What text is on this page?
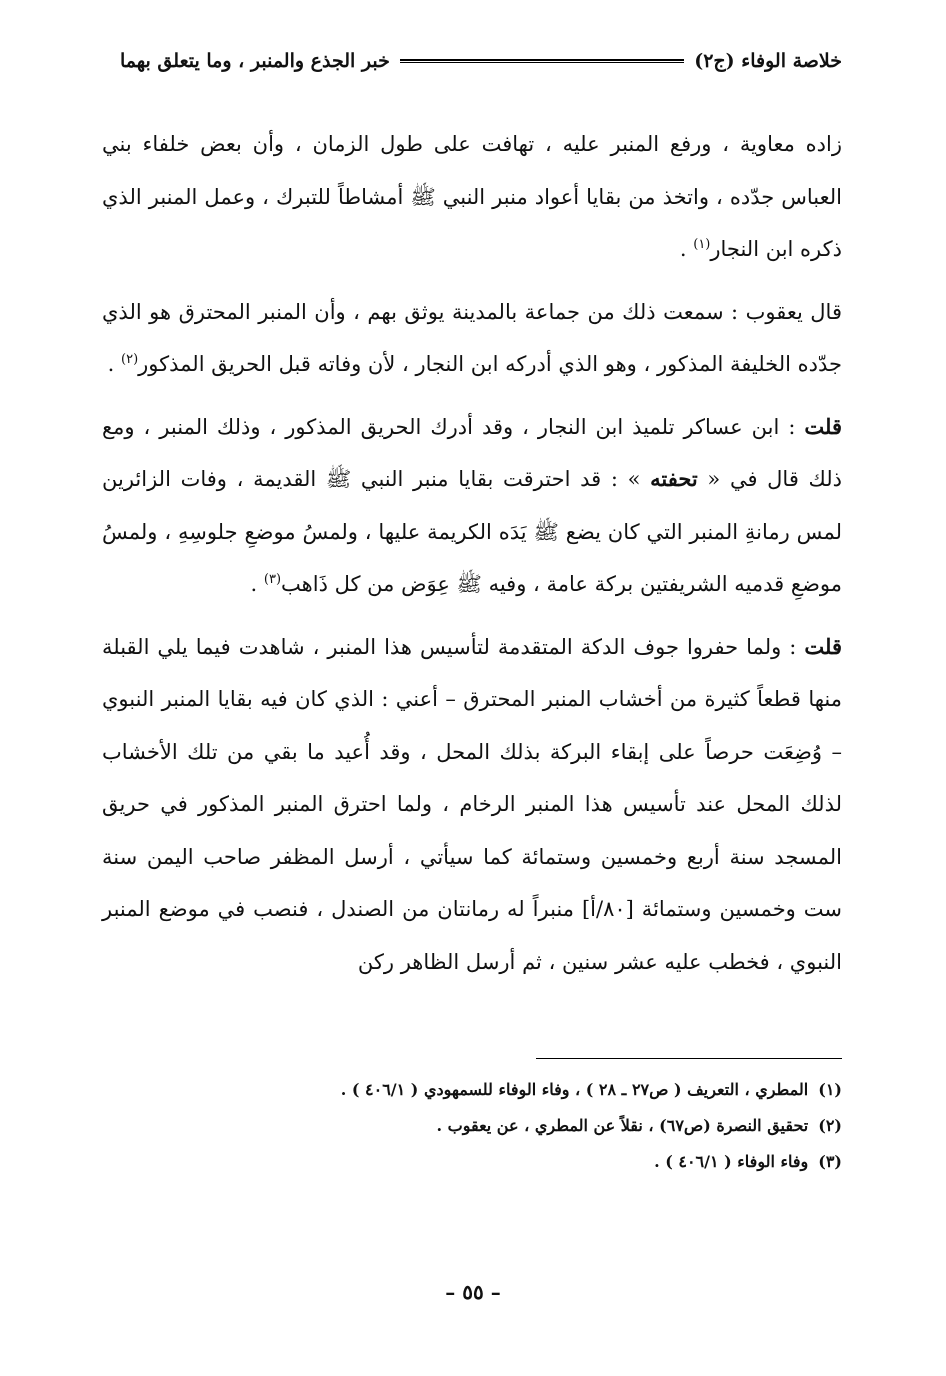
خلاصة الوفاء (ج٢)
خبر الجذع والمنبر ، وما يتعلق بهما

زاده معاوية ، ورفع المنبر عليه ، تهافت على طول الزمان ، وأن بعض خلفاء بني العباس جدّده ، واتخذ من بقايا أعواد منبر النبي ﷺ أمشاطاً للتبرك ، وعمل المنبر الذي ذكره ابن النجار$^{(١)}$ .

قال يعقوب : سمعت ذلك من جماعة بالمدينة يوثق بهم ، وأن المنبر المحترق هو الذي جدّده الخليفة المذكور ، وهو الذي أدركه ابن النجار ، لأن وفاته قبل الحريق المذكور$^{(٢)}$ .

قلت : ابن عساكر تلميذ ابن النجار ، وقد أدرك الحريق المذكور ، وذلك المنبر ، ومع ذلك قال في « تحفته » : قد احترقت بقايا منبر النبي ﷺ القديمة ، وفات الزائرين لمس رمانةِ المنبر التي كان يضع ﷺ يَدَه الكريمة عليها ، ولمسُ موضعِ جلوسِهِ ، ولمسُ موضعِ قدميه الشريفتين بركة عامة ، وفيه ﷺ عِوَض من كل ذَاهب$^{(٣)}$ .

قلت : ولما حفروا جوف الدكة المتقدمة لتأسيس هذا المنبر ، شاهدت فيما يلي القبلة منها قطعاً كثيرة من أخشاب المنبر المحترق – أعني : الذي كان فيه بقايا المنبر النبوي – وُضِعَت حرصاً على إبقاء البركة بذلك المحل ، وقد أُعيد ما بقي من تلك الأخشاب لذلك المحل عند تأسيس هذا المنبر الرخام ، ولما احترق المنبر المذكور في حريق المسجد سنة أربع وخمسين وستمائة كما سيأتي ، أرسل المظفر صاحب اليمن سنة ست وخمسين وستمائة [٨٠/أ] منبراً له رمانتان من الصندل ، فنصب في موضع المنبر النبوي ، فخطب عليه عشر سنين ، ثم أرسل الظاهر ركن

(١)المطري ، التعريف ( ص٢٧ ـ ٢٨ ) ، وفاء الوفاء للسمهودي ( ٤٠٦/١ ) .
(٢)تحقيق النصرة (ص٦٧) ، نقلاً عن المطري ، عن يعقوب .
(٣)وفاء الوفاء ( ٤٠٦/١ ) .
– ٥٥ –
